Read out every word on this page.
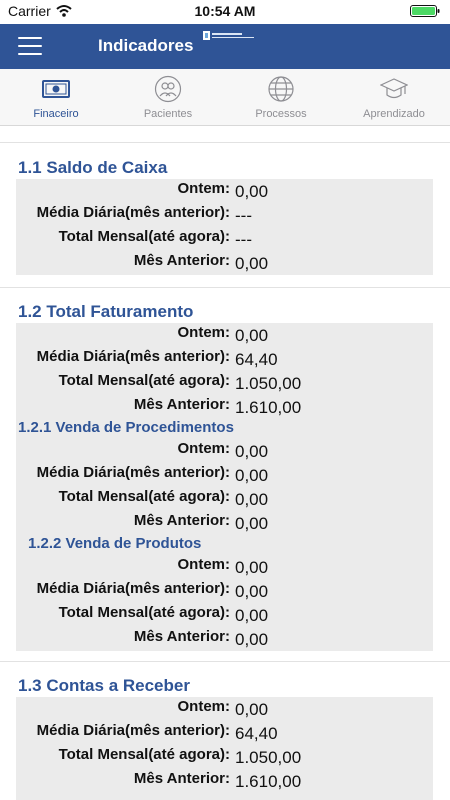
Carrier	10:54 AM
Indicadores
Finaceiro	Pacientes	Processos	Aprendizado
1.1 Saldo de Caixa
Ontem: 0,00
Média Diária(mês anterior): ---
Total Mensal(até agora): ---
Mês Anterior: 0,00
1.2 Total Faturamento
Ontem: 0,00
Média Diária(mês anterior): 64,40
Total Mensal(até agora): 1.050,00
Mês Anterior: 1.610,00
1.2.1 Venda de Procedimentos
Ontem: 0,00
Média Diária(mês anterior): 0,00
Total Mensal(até agora): 0,00
Mês Anterior: 0,00
1.2.2 Venda de Produtos
Ontem: 0,00
Média Diária(mês anterior): 0,00
Total Mensal(até agora): 0,00
Mês Anterior: 0,00
1.3 Contas a Receber
Ontem: 0,00
Média Diária(mês anterior): 64,40
Total Mensal(até agora): 1.050,00
Mês Anterior: 1.610,00
